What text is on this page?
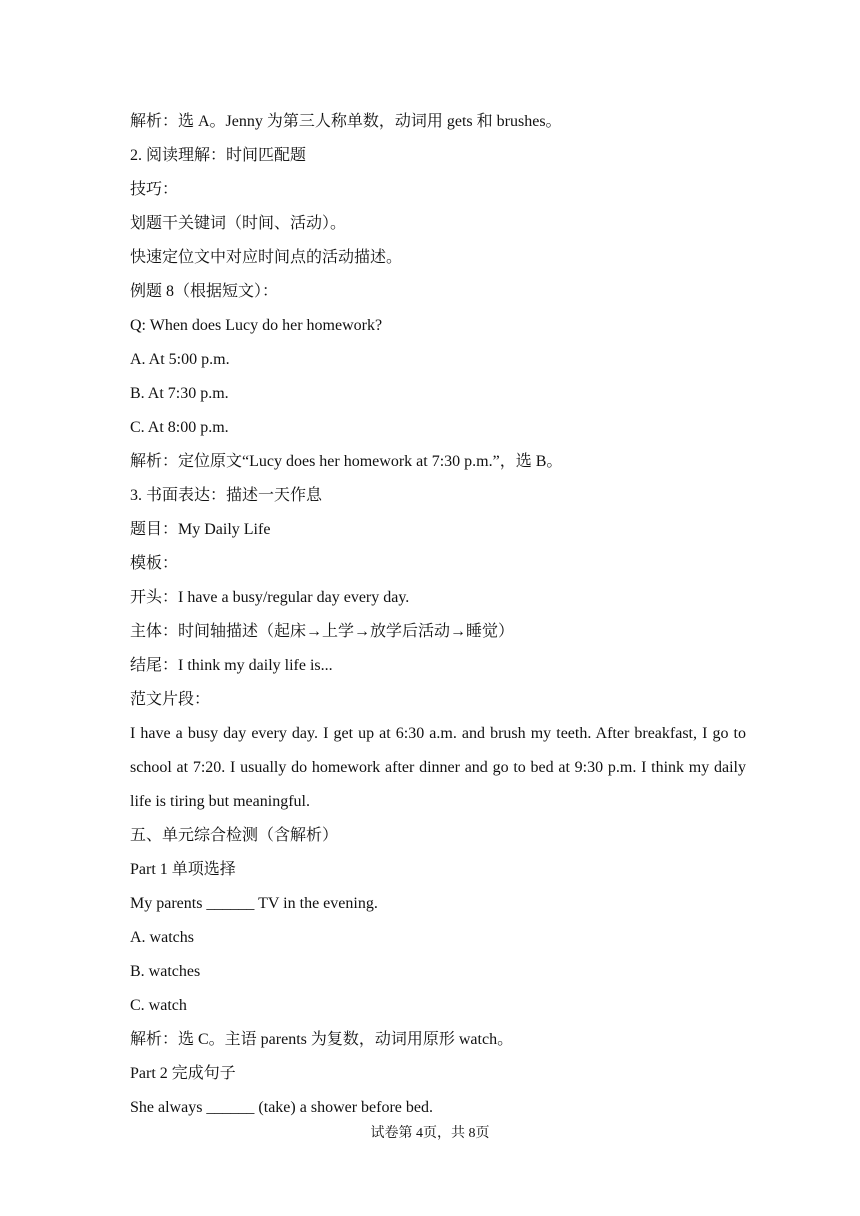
解析：选 A。Jenny 为第三人称单数，动词用 gets 和 brushes。
2. 阅读理解：时间匹配题
技巧：
划题干关键词（时间、活动）。
快速定位文中对应时间点的活动描述。
例题 8（根据短文）：
Q: When does Lucy do her homework?
A. At 5:00 p.m.
B. At 7:30 p.m.
C. At 8:00 p.m.
解析：定位原文“Lucy does her homework at 7:30 p.m.”，选 B。
3. 书面表达：描述一天作息
题目：My Daily Life
模板：
开头：I have a busy/regular day every day.
主体：时间轴描述（起床→上学→放学后活动→睡觉）
结尾：I think my daily life is...
范文片段：
I have a busy day every day. I get up at 6:30 a.m. and brush my teeth. After breakfast, I go to school at 7:20. I usually do homework after dinner and go to bed at 9:30 p.m. I think my daily life is tiring but meaningful.
五、单元综合检测（含解析）
Part 1 单项选择
My parents ______ TV in the evening.
A. watchs
B. watches
C. watch
解析：选 C。主语 parents 为复数，动词用原形 watch。
Part 2 完成句子
She always ______ (take) a shower before bed.
试卷第 4页，共 8页
